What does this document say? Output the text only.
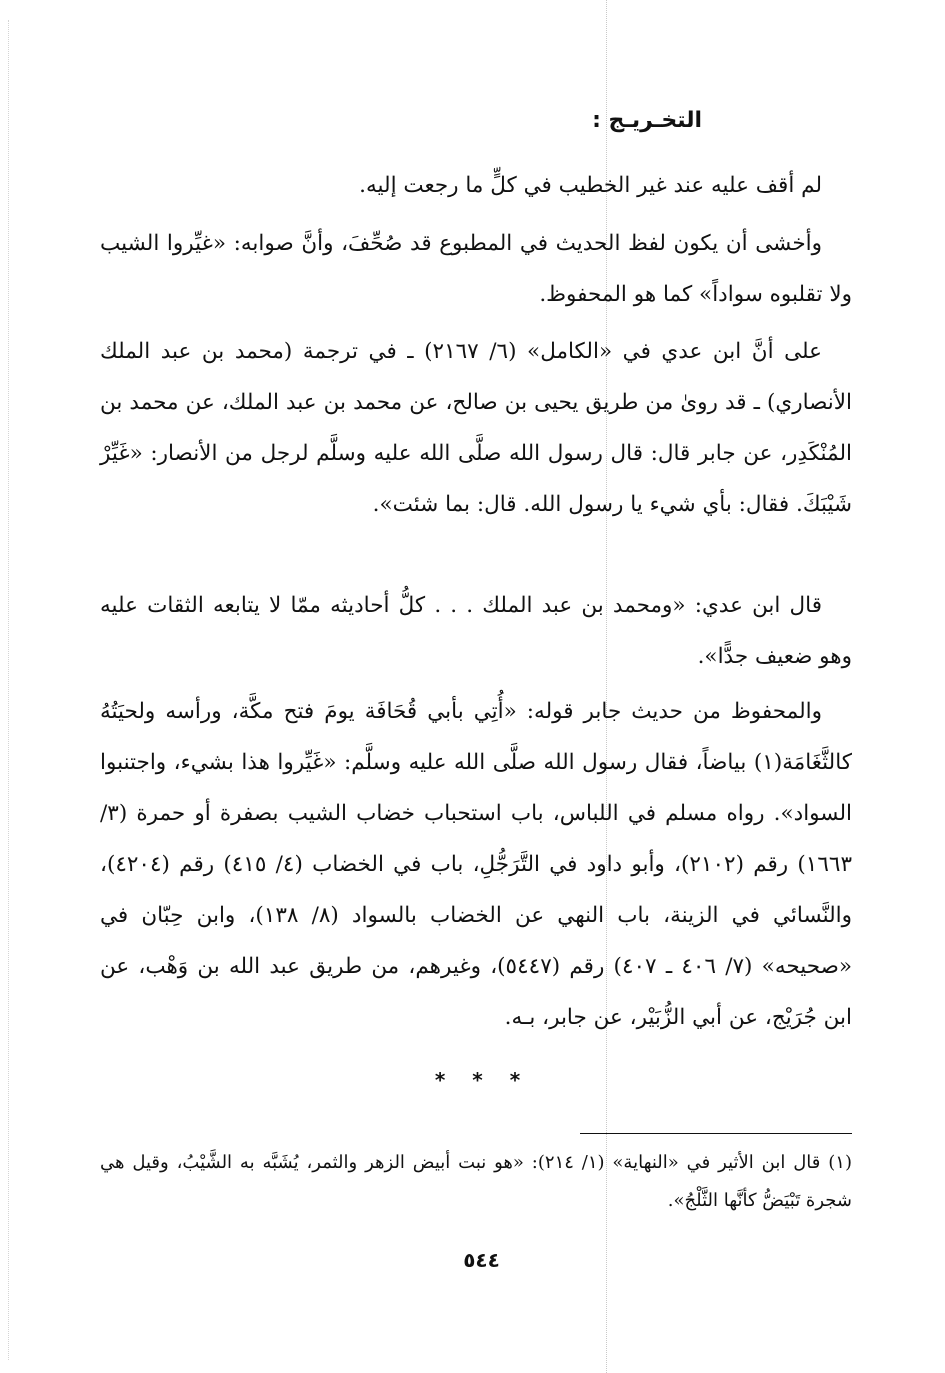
التخـريـج :

لم أقف عليه عند غير الخطيب في كلٍّ ما رجعت إليه.

وأخشى أن يكون لفظ الحديث في المطبوع قد صُحِّفَ، وأنَّ صوابه: «غيِّروا الشيب ولا تقلبوه سواداً» كما هو المحفوظ.

على أنَّ ابن عدي في «الكامل» (٦/ ٢١٦٧) ـ في ترجمة (محمد بن عبد الملك الأنصاري) ـ قد روىٰ من طريق يحيى بن صالح، عن محمد بن عبد الملك، عن محمد بن المُنْكَدِر، عن جابر قال: قال رسول الله صلَّى الله عليه وسلَّم لرجل من الأنصار: «غَيِّرْ شَيْبَكَ. فقال: بأي شيء يا رسول الله. قال: بما شئت».

قال ابن عدي: «ومحمد بن عبد الملك . . . كلُّ أحاديثه ممّا لا يتابعه الثقات عليه وهو ضعيف جدًّا».

والمحفوظ من حديث جابر قوله: «أُتِي بأبي قُحَافَة يومَ فتح مكَّة، ورأسه ولحيَتُهُ كالثَّغَامَة(١) بياضاً، فقال رسول الله صلَّى الله عليه وسلَّم: «غَيِّروا هذا بشيء، واجتنبوا السواد». رواه مسلم في اللباس، باب استحباب خضاب الشيب بصفرة أو حمرة (٣/ ١٦٦٣) رقم (٢١٠٢)، وأبو داود في التَّرَجُّلِ، باب في الخضاب (٤/ ٤١٥) رقم (٤٢٠٤)، والنَّسائي في الزينة، باب النهي عن الخضاب بالسواد (٨/ ١٣٨)، وابن حِبّان في «صحيحه» (٧/ ٤٠٦ ـ ٤٠٧) رقم (٥٤٤٧)، وغيرهم، من طريق عبد الله بن وَهْب، عن ابن جُرَيْج، عن أبي الزُّبَيْر، عن جابر، بـه.

* * *

(١) قال ابن الأثير في «النهاية» (١/ ٢١٤): «هو نبت أبيض الزهر والثمر، يُشَبَّه به الشَّيْبُ، وقيل هي شجرة تَبْيَضُّ كأنَّها الثَّلْجُ».

٥٤٤
